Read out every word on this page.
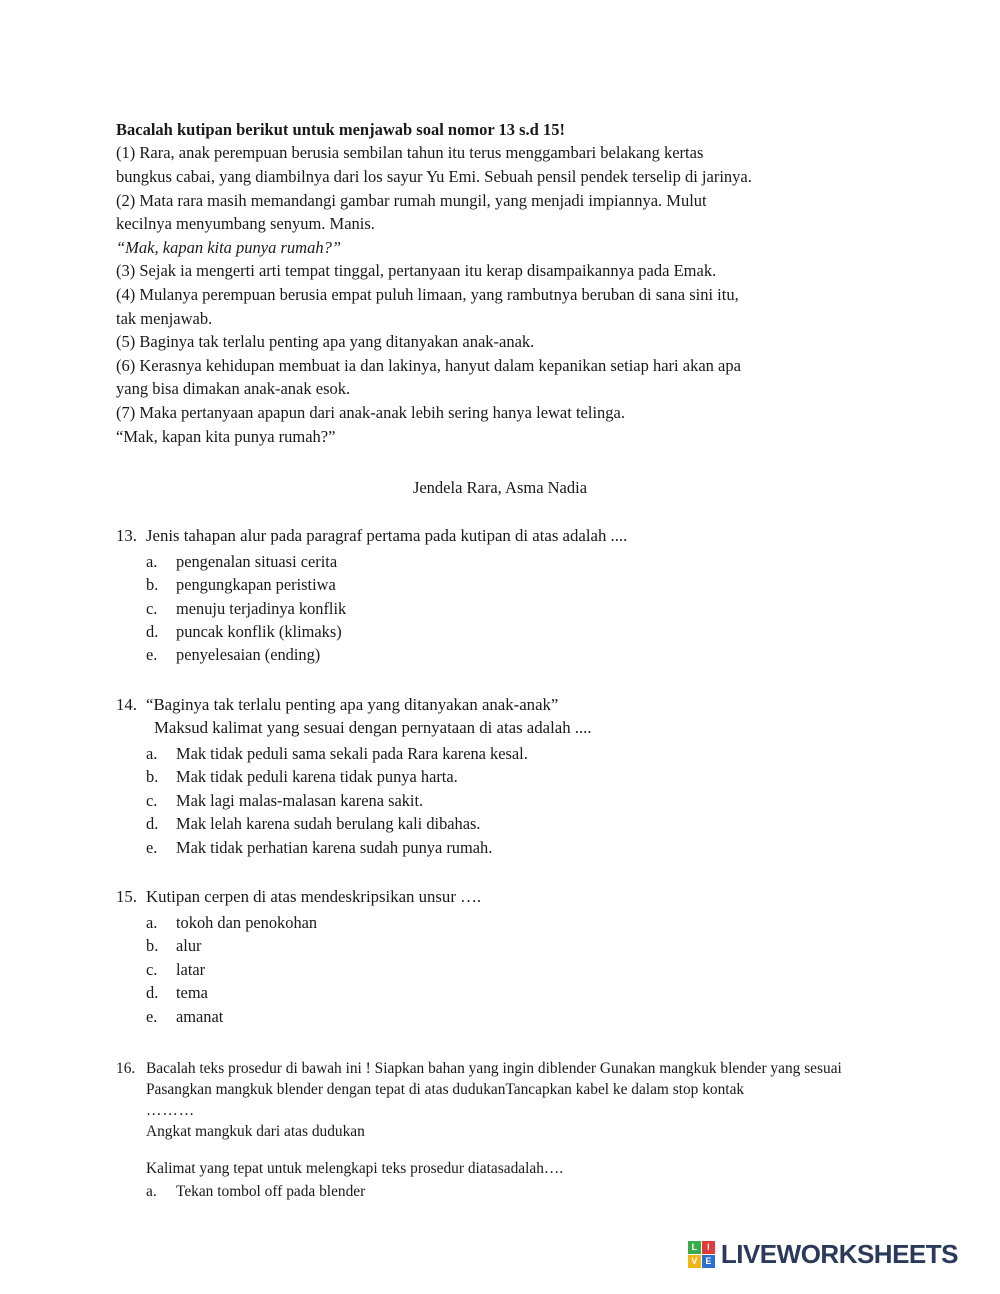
Bacalah kutipan berikut untuk menjawab soal nomor 13 s.d 15!

(1) Rara, anak perempuan berusia sembilan tahun itu terus menggambari belakang kertas

bungkus cabai, yang diambilnya dari los sayur Yu Emi. Sebuah pensil pendek terselip di jarinya.

(2) Mata rara masih memandangi gambar rumah mungil, yang menjadi impiannya. Mulut

kecilnya menyumbang senyum. Manis.

“Mak, kapan kita punya rumah?”

(3) Sejak ia mengerti arti tempat tinggal, pertanyaan itu kerap disampaikannya pada Emak.

(4) Mulanya perempuan berusia empat puluh limaan, yang rambutnya beruban di sana sini itu,

tak menjawab.

(5) Baginya tak terlalu penting apa yang ditanyakan anak-anak.

(6) Kerasnya kehidupan membuat ia dan lakinya, hanyut dalam kepanikan setiap hari akan apa

yang bisa dimakan anak-anak esok.

(7) Maka pertanyaan apapun dari anak-anak lebih sering hanya lewat telinga.

“Mak, kapan kita punya rumah?”

Jendela Rara, Asma Nadia

13. Jenis tahapan alur pada paragraf pertama pada kutipan di atas adalah ....
a.	pengenalan situasi cerita
b.	pengungkapan peristiwa
c.	menuju terjadinya konflik
d.	puncak konflik (klimaks)
e.	penyelesaian (ending)
14. “Baginya tak terlalu penting apa yang ditanyakan anak-anak”
Maksud kalimat yang sesuai dengan pernyataan di atas adalah ....
a.	Mak tidak peduli sama sekali pada Rara karena kesal.
b.	Mak tidak peduli karena tidak punya harta.
c.	Mak lagi malas-malasan karena sakit.
d.	Mak lelah karena sudah berulang kali dibahas.
e.	Mak tidak perhatian karena sudah punya rumah.
15. Kutipan cerpen di atas mendeskripsikan unsur ….
a.	tokoh dan penokohan
b.	alur
c.	latar
d.	tema
e.	amanat
16. Bacalah teks prosedur di bawah ini ! Siapkan bahan yang ingin diblender Gunakan mangkuk blender yang sesuai
Pasangkan mangkuk blender dengan tepat di atas dudukanTancapkan kabel ke dalam stop kontak
………
Angkat mangkuk dari atas dudukan
Kalimat yang tepat untuk melengkapi teks prosedur diatasadalah….
a.	Tekan tombol off pada blender
L	I
V E LIVEWORKSHEETS
